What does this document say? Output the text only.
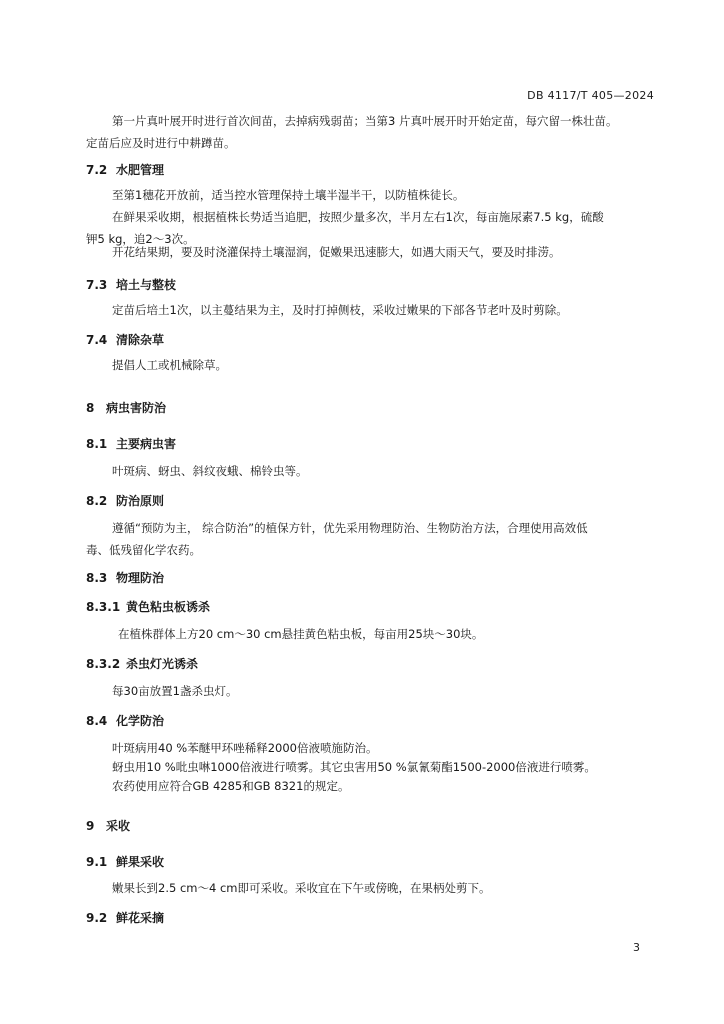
DB 4117/T 405—2024
第一片真叶展开时进行首次间苗，去掉病残弱苗；当第3 片真叶展开时开始定苗，每穴留一株壮苗。
定苗后应及时进行中耕蹲苗。
7.2 水肥管理
至第1穗花开放前，适当控水管理保持土壤半湿半干，以防植株徒长。
在鲜果采收期，根据植株长势适当追肥，按照少量多次，半月左右1次，每亩施尿素7.5 kg，硫酸
钾5 kg，追2～3次。
开花结果期，要及时浇灌保持土壤湿润，促嫩果迅速膨大，如遇大雨天气，要及时排涝。
7.3 培土与整枝
定苗后培土1次，以主蔓结果为主，及时打掉侧枝，采收过嫩果的下部各节老叶及时剪除。
7.4 清除杂草
提倡人工或机械除草。
8 病虫害防治
8.1 主要病虫害
叶斑病、蚜虫、斜纹夜蛾、棉铃虫等。
8.2 防治原则
遵循“预防为主， 综合防治”的植保方针，优先采用物理防治、生物防治方法，合理使用高效低
毒、低残留化学农药。
8.3 物理防治
8.3.1 黄色粘虫板诱杀
在植株群体上方20 cm～30 cm悬挂黄色粘虫板，每亩用25块～30块。
8.3.2 杀虫灯光诱杀
每30亩放置1盏杀虫灯。
8.4 化学防治
叶斑病用40 %苯醚甲环唑稀释2000倍液喷施防治。
蚜虫用10 %吡虫啉1000倍液进行喷雾。其它虫害用50 %氯氰菊酯1500-2000倍液进行喷雾。
农药使用应符合GB 4285和GB 8321的规定。
9 采收
9.1 鲜果采收
嫩果长到2.5 cm～4 cm即可采收。采收宜在下午或傍晚，在果柄处剪下。
9.2 鲜花采摘
3
